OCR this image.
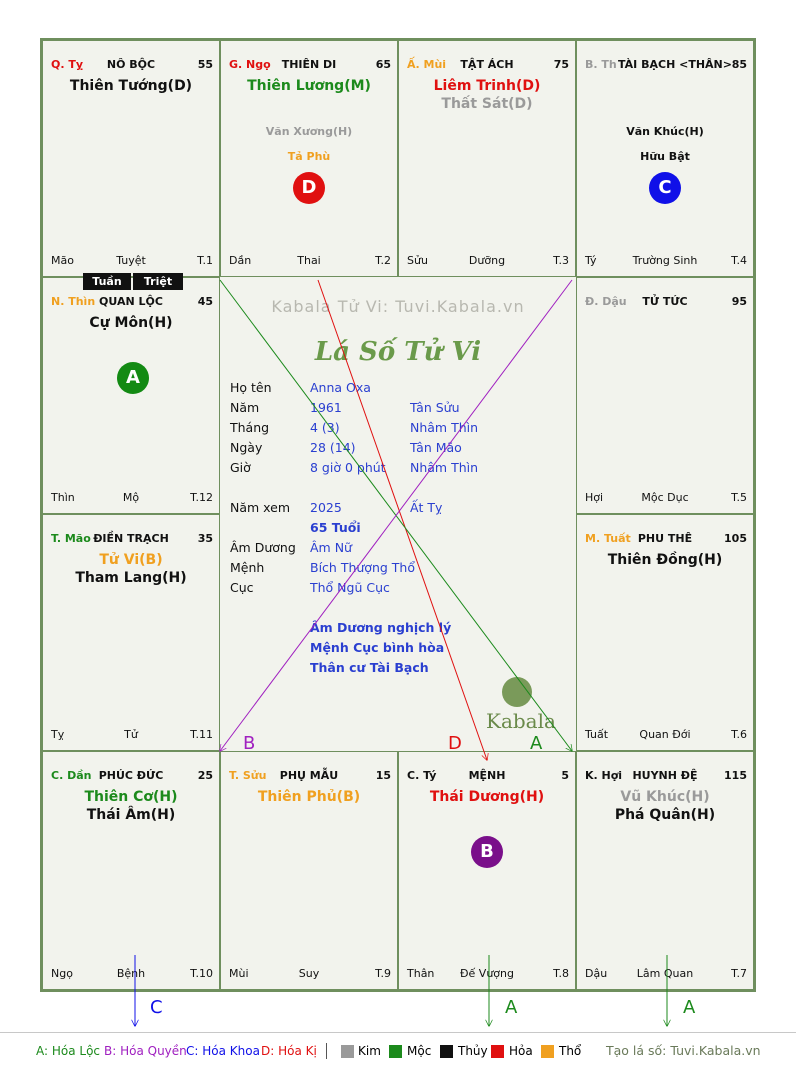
Q. Tỵ	NÔ BỘC	55
Thiên Tướng(D)
Mão	Tuyệt	T.1
G. Ngọ	THIÊN DI	65
Thiên Lương(M)
Văn Xương(H)
Tả Phù
D
Dần	Thai	T.2
Ấ. Mùi	TẬT ÁCH	75
Liêm Trinh(D)
Thất Sát(D)
Sửu	Dưỡng	T.3
B. Th TÀI BẠCH <THÂN> 85
Văn Khúc(H)
Hữu Bật
C
Tý	Trường Sinh	T.4
N. Thìn QUAN LỘC	45
Cự Môn(H)
A
Thìn	Mộ	T.12
Đ. Dậu	TỬ TỨC	95
Hợi	Mộc Dục	T.5
T. Mão ĐIỀN TRẠCH	35
Tử Vi(B)
Tham Lang(H)
Tỵ	Tử	T.11
M. Tuất PHU THÊ	105
Thiên Đồng(H)
Tuất	Quan Đới	T.6
C. Dần PHÚC ĐỨC	25
Thiên Cơ(H)
Thái Âm(H)
Ngọ	Bệnh	T.10
T. Sửu	PHỤ MẪU	15
Thiên Phủ(B)
Mùi	Suy	T.9
C. Tý	MỆNH	5
Thái Dương(H)
B
Thân	Đế Vượng	T.8
K. Hợi HUYNH ĐỆ	115
Vũ Khúc(H)
Phá Quân(H)
Dậu	Lâm Quan	T.7
Kabala Tử Vi: Tuvi.Kabala.vn
Lá Số Tử Vi
Họ tên	Anna Oxa
Năm	1961	Tân Sửu
Tháng	4 (3)	Nhâm Thìn
Ngày	28 (14)	Tân Mão
Giờ	8 giờ 0 phút Nhâm Thìn
Năm xem 2025	Ất Tỵ
65 Tuổi
Âm Dương Âm Nữ
Mệnh	Bích Thượng Thổ
Cục	Thổ Ngũ Cục
Âm Dương nghịch lý
Mệnh Cục bình hòa
Thân cư Tài Bạch
Kabala
Tuần	Triệt
B	D	A
C	A	A
A: Hóa Lộc B: Hóa Quyền C: Hóa Khoa D: Hóa Kị	Kim Mộc Thủy Hỏa Thổ Tạo lá số: Tuvi.Kabala.vn
